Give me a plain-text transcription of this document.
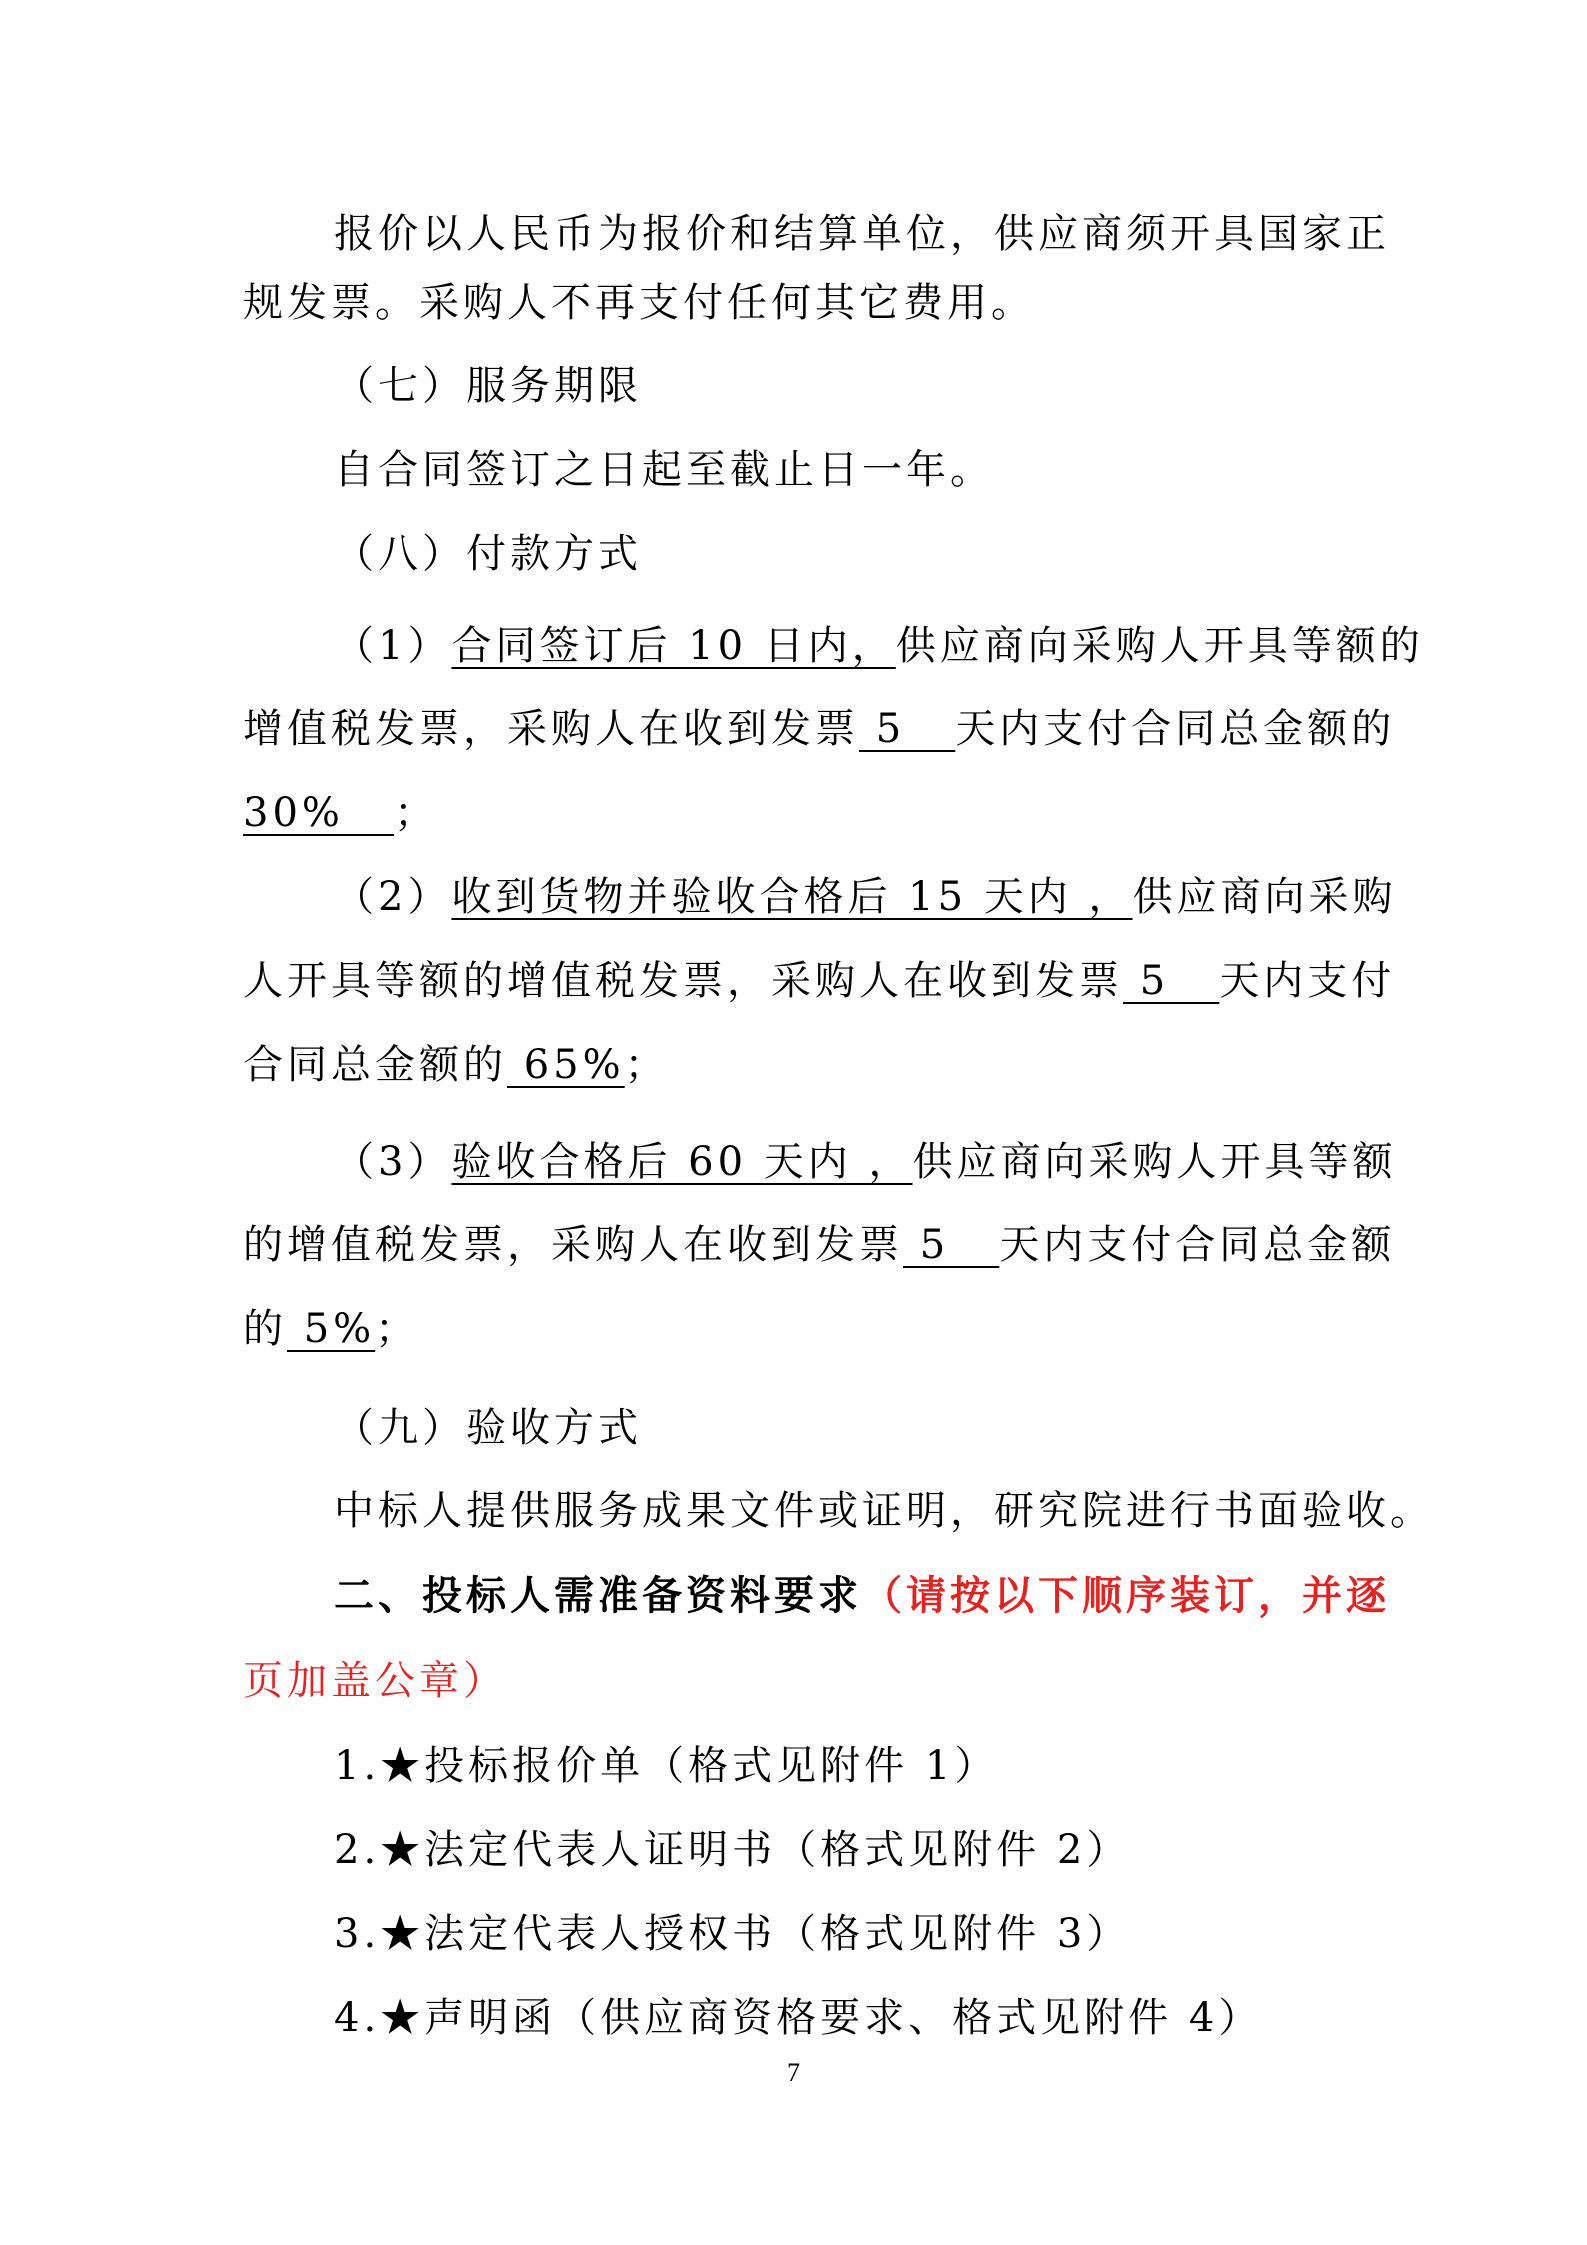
报价以人民币为报价和结算单位，供应商须开具国家正
规发票。采购人不再支付任何其它费用。
（七）服务期限
自合同签订之日起至截止日一年。
（八）付款方式
（1）合同签订后 10 日内，供应商向采购人开具等额的
增值税发票，采购人在收到发票 5   天内支付合同总金额的
30%   ；
（2）收到货物并验收合格后 15 天内 ，供应商向采购
人开具等额的增值税发票，采购人在收到发票 5   天内支付
合同总金额的 65%；
（3）验收合格后 60 天内 ，供应商向采购人开具等额
的增值税发票，采购人在收到发票 5   天内支付合同总金额
的 5%；
（九）验收方式
中标人提供服务成果文件或证明，研究院进行书面验收。
二、投标人需准备资料要求（请按以下顺序装订，并逐
页加盖公章）
1.★投标报价单（格式见附件 1）
2.★法定代表人证明书（格式见附件 2）
3.★法定代表人授权书（格式见附件 3）
4.★声明函（供应商资格要求、格式见附件 4）
7
